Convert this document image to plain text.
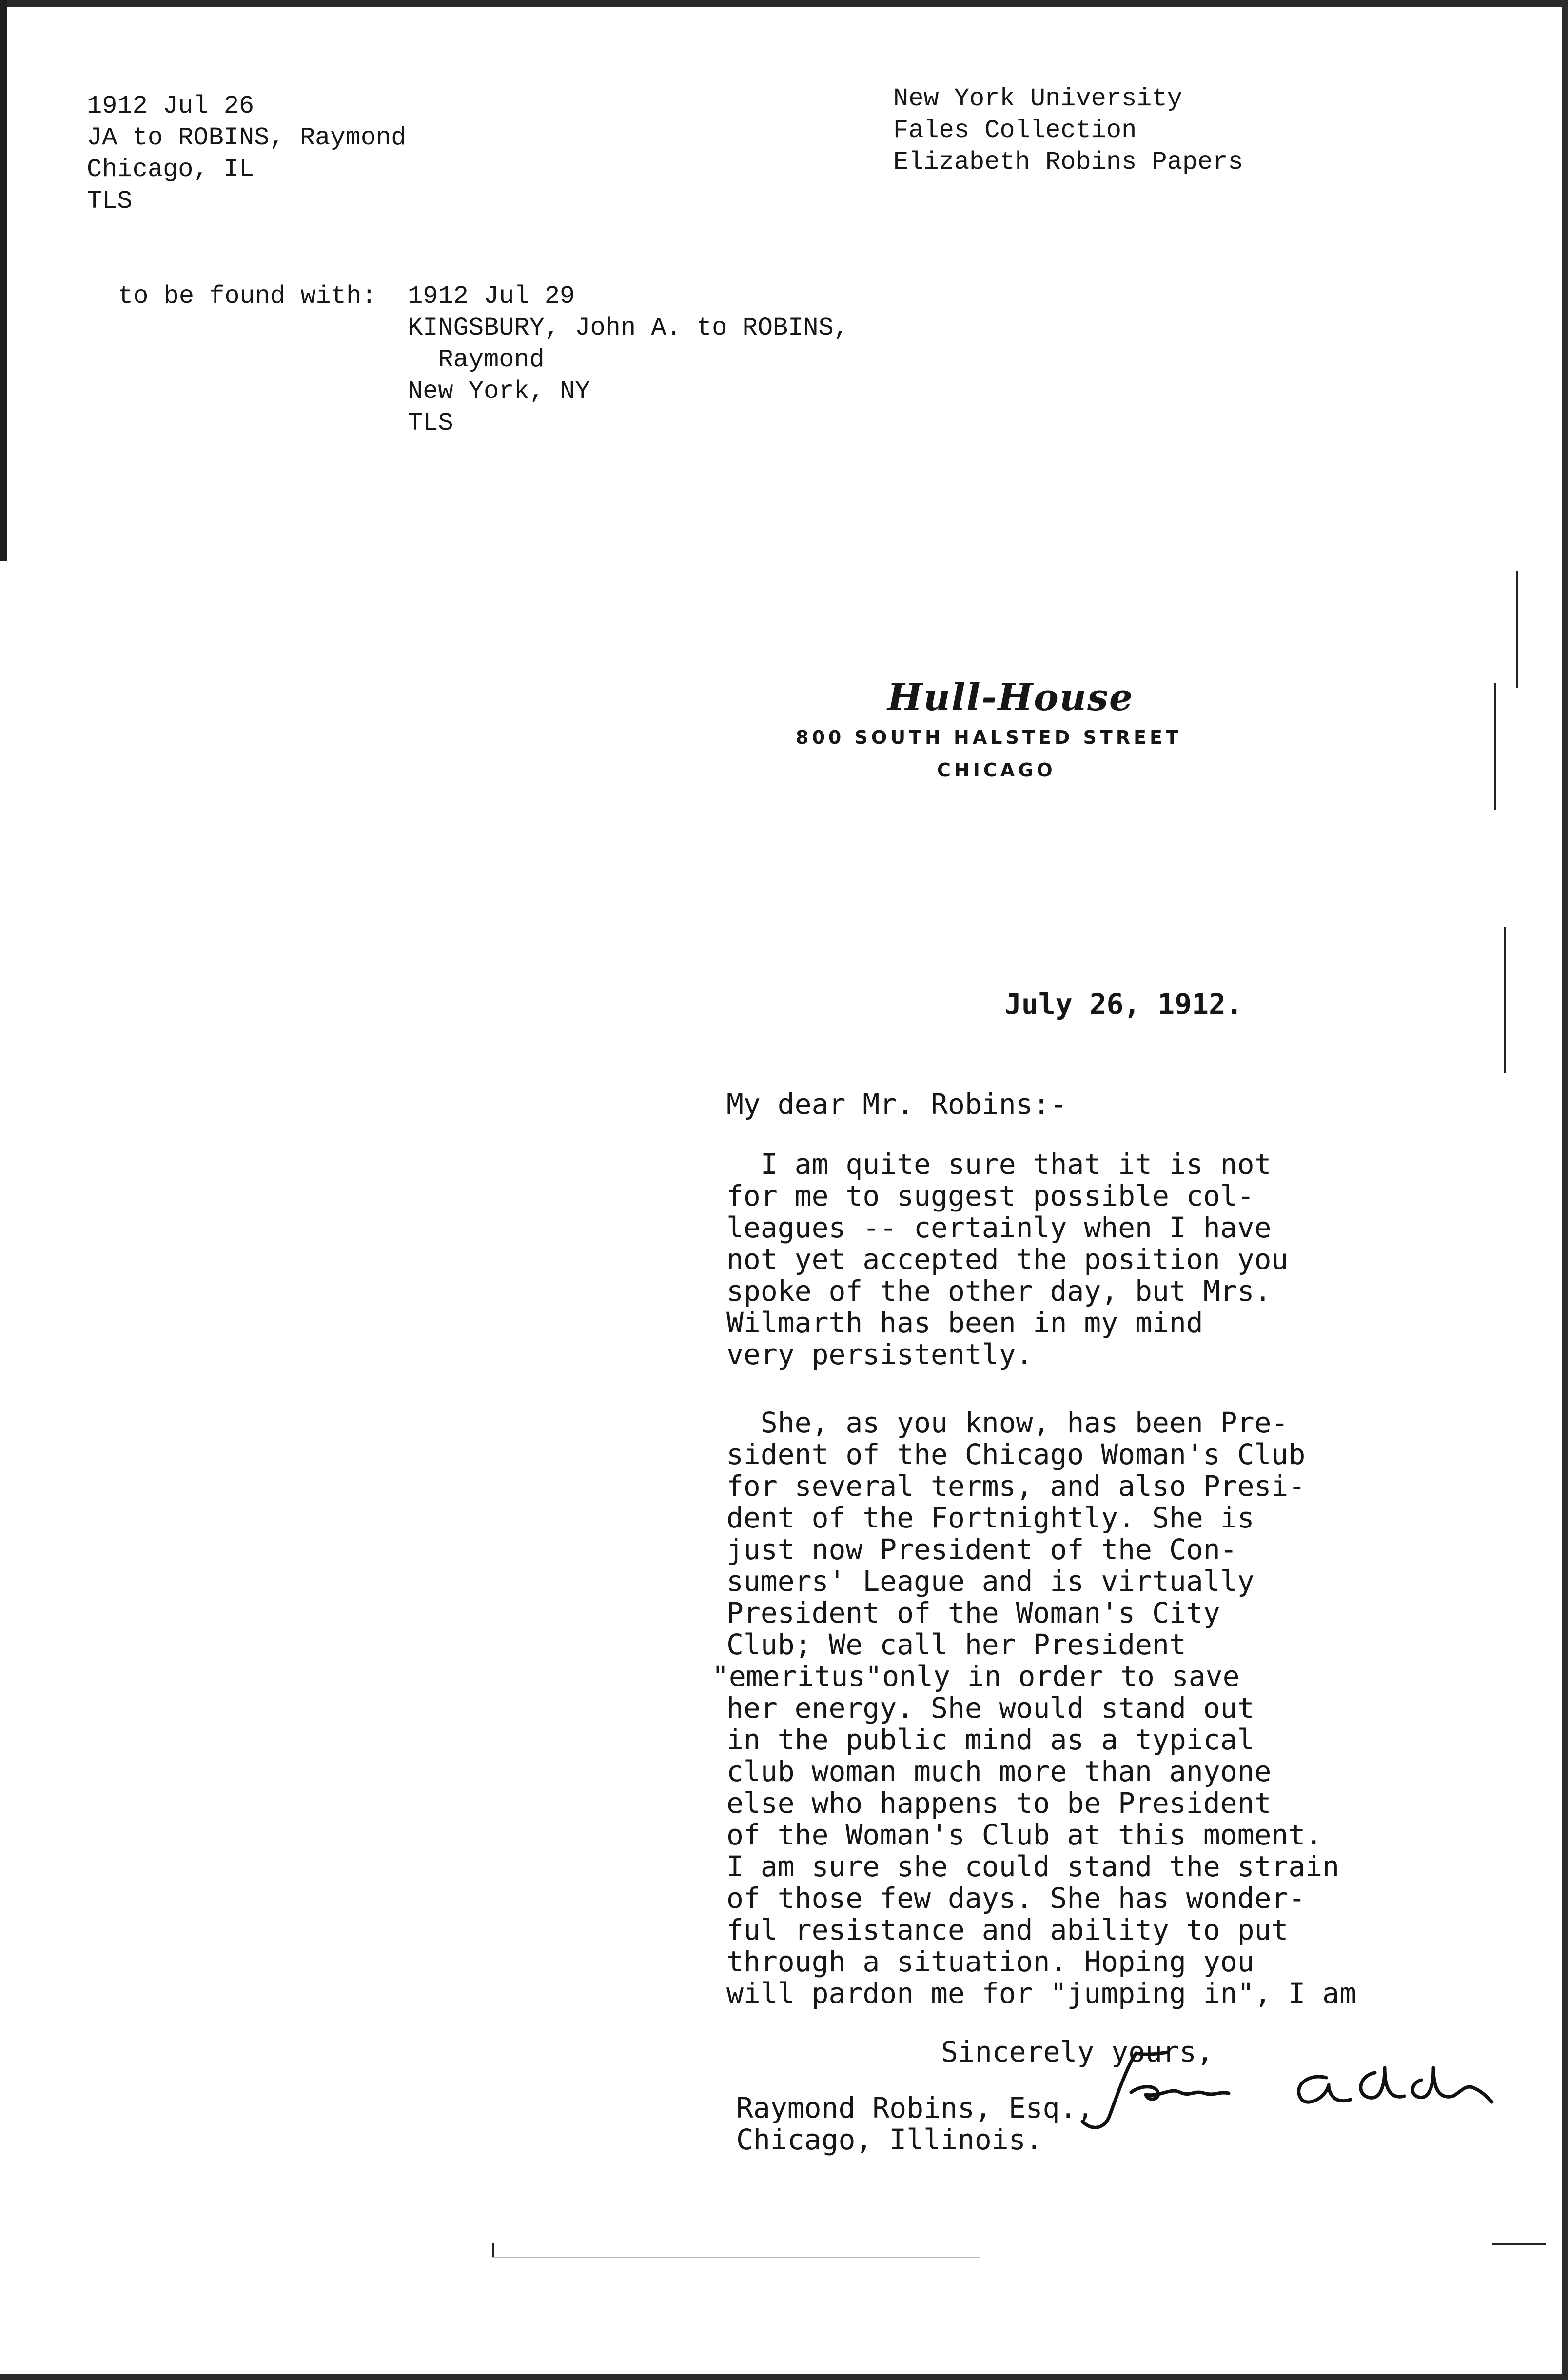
1912 Jul 26
JA to ROBINS, Raymond
Chicago, IL
TLS
New York University
Fales Collection
Elizabeth Robins Papers
to be found with: 1912 Jul 29
KINGSBURY, John A. to ROBINS,
Raymond
New York, NY
TLS
Hull-House
800 SOUTH HALSTED STREET
CHICAGO
July 26, 1912.
My dear Mr. Robins:-
I am quite sure that it is not
for me to suggest possible col-
leagues -- certainly when I have
not yet accepted the position you
spoke of the other day, but Mrs.
Wilmarth has been in my mind
very persistently.
She, as you know, has been Pre-
sident of the Chicago Woman's Club
for several terms, and also Presi-
dent of the Fortnightly. She is
just now President of the Con-
sumers' League and is virtually
President of the Woman's City
Club; We call her President
"emeritus"only in order to save
her energy. She would stand out
in the public mind as a typical
club woman much more than anyone
else who happens to be President
of the Woman's Club at this moment.
I am sure she could stand the strain
of those few days. She has wonder-
ful resistance and ability to put
through a situation. Hoping you
will pardon me for "jumping in", I am
Sincerely yours,
Raymond Robins, Esq.,
Chicago, Illinois.
